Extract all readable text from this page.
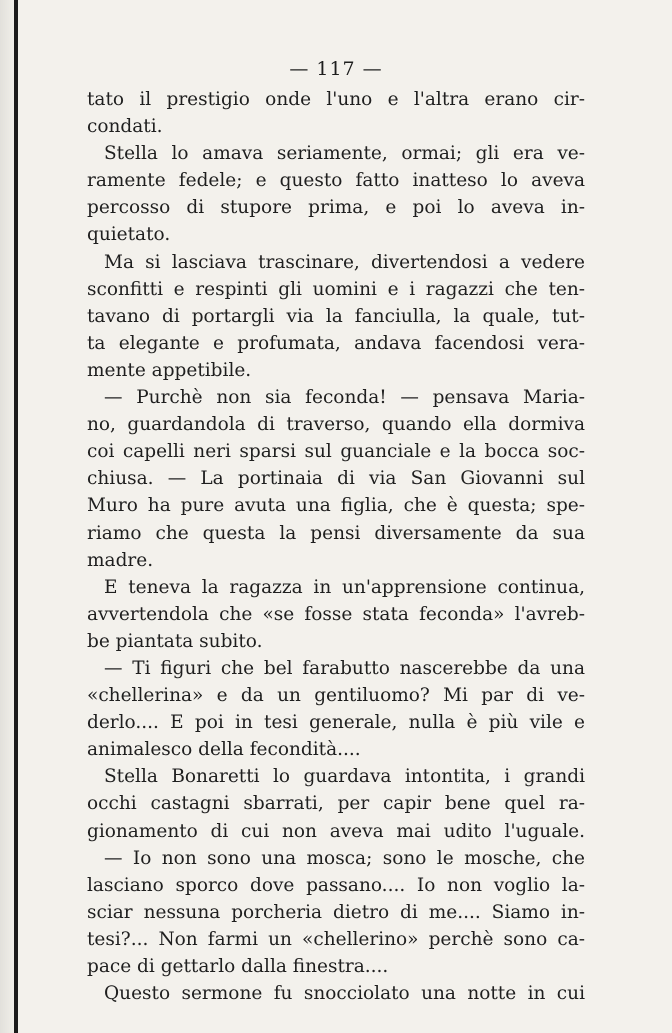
— 117 —
tato il prestigio onde l'uno e l'altra erano cir-
condati.
Stella lo amava seriamente, ormai; gli era ve-
ramente fedele; e questo fatto inatteso lo aveva
percosso di stupore prima, e poi lo aveva in-
quietato.
Ma si lasciava trascinare, divertendosi a vedere
sconfitti e respinti gli uomini e i ragazzi che ten-
tavano di portargli via la fanciulla, la quale, tut-
ta elegante e profumata, andava facendosi vera-
mente appetibile.
— Purchè non sia feconda! — pensava Maria-
no, guardandola di traverso, quando ella dormiva
coi capelli neri sparsi sul guanciale e la bocca soc-
chiusa. — La portinaia di via San Giovanni sul
Muro ha pure avuta una figlia, che è questa; spe-
riamo che questa la pensi diversamente da sua
madre.
E teneva la ragazza in un'apprensione continua,
avvertendola che «se fosse stata feconda» l'avreb-
be piantata subito.
— Ti figuri che bel farabutto nascerebbe da una
«chellerina» e da un gentiluomo? Mi par di ve-
derlo.... E poi in tesi generale, nulla è più vile e
animalesco della fecondità....
Stella Bonaretti lo guardava intontita, i grandi
occhi castagni sbarrati, per capir bene quel ra-
gionamento di cui non aveva mai udito l'uguale.
— Io non sono una mosca; sono le mosche, che
lasciano sporco dove passano.... Io non voglio la-
sciar nessuna porcheria dietro di me.... Siamo in-
tesi?... Non farmi un «chellerino» perchè sono ca-
pace di gettarlo dalla finestra....
Questo sermone fu snocciolato una notte in cui
